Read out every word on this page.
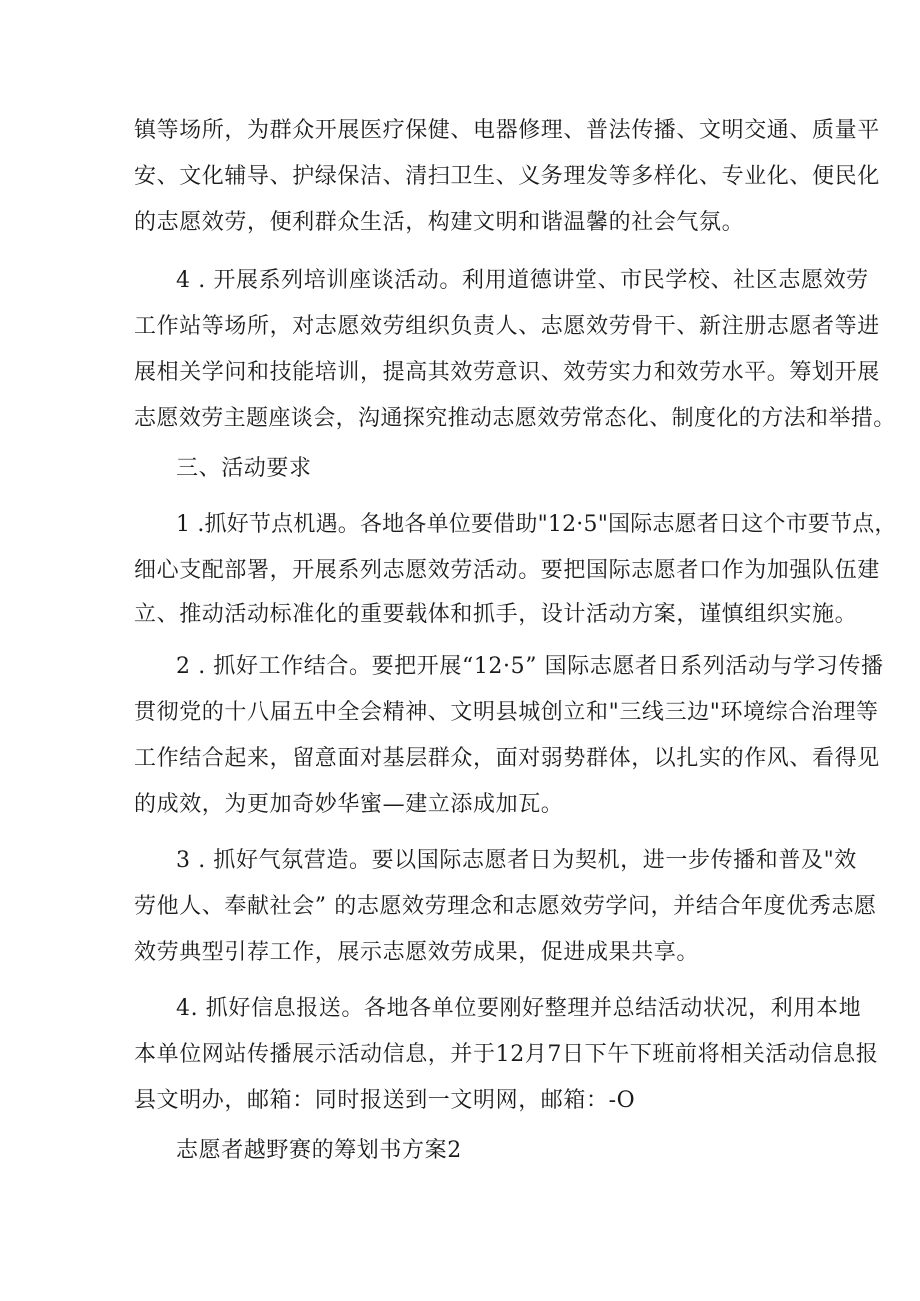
镇等场所，为群众开展医疗保健、电器修理、普法传播、文明交通、质量平
安、文化辅导、护绿保洁、清扫卫生、义务理发等多样化、专业化、便民化
的志愿效劳，便利群众生活，构建文明和谐温馨的社会气氛。
4 . 开展系列培训座谈活动。利用道德讲堂、市民学校、社区志愿效劳
工作站等场所，对志愿效劳组织负责人、志愿效劳骨干、新注册志愿者等进
展相关学问和技能培训，提高其效劳意识、效劳实力和效劳水平。筹划开展
志愿效劳主题座谈会，沟通探究推动志愿效劳常态化、制度化的方法和举措。
三、活动要求
1 .抓好节点机遇。各地各单位要借助"12·5"国际志愿者日这个市要节点，
细心支配部署，开展系列志愿效劳活动。要把国际志愿者口作为加强队伍建
立、推动活动标准化的重要载体和抓手，设计活动方案，谨慎组织实施。
2 . 抓好工作结合。要把开展“12·5” 国际志愿者日系列活动与学习传播
贯彻党的十八届五中全会精神、文明县城创立和"三线三边"环境综合治理等
工作结合起来，留意面对基层群众，面对弱势群体，以扎实的作风、看得见
的成效，为更加奇妙华蜜—建立添成加瓦。
3 . 抓好气氛营造。要以国际志愿者日为契机，进一步传播和普及"效
劳他人、奉献社会” 的志愿效劳理念和志愿效劳学问，并结合年度优秀志愿
效劳典型引荐工作，展示志愿效劳成果，促进成果共享。
4. 抓好信息报送。各地各单位要刚好整理并总结活动状况，利用本地
本单位网站传播展示活动信息，并于12月7日下午下班前将相关活动信息报
县文明办，邮箱：同时报送到一文明网，邮箱：-O
志愿者越野赛的筹划书方案2
